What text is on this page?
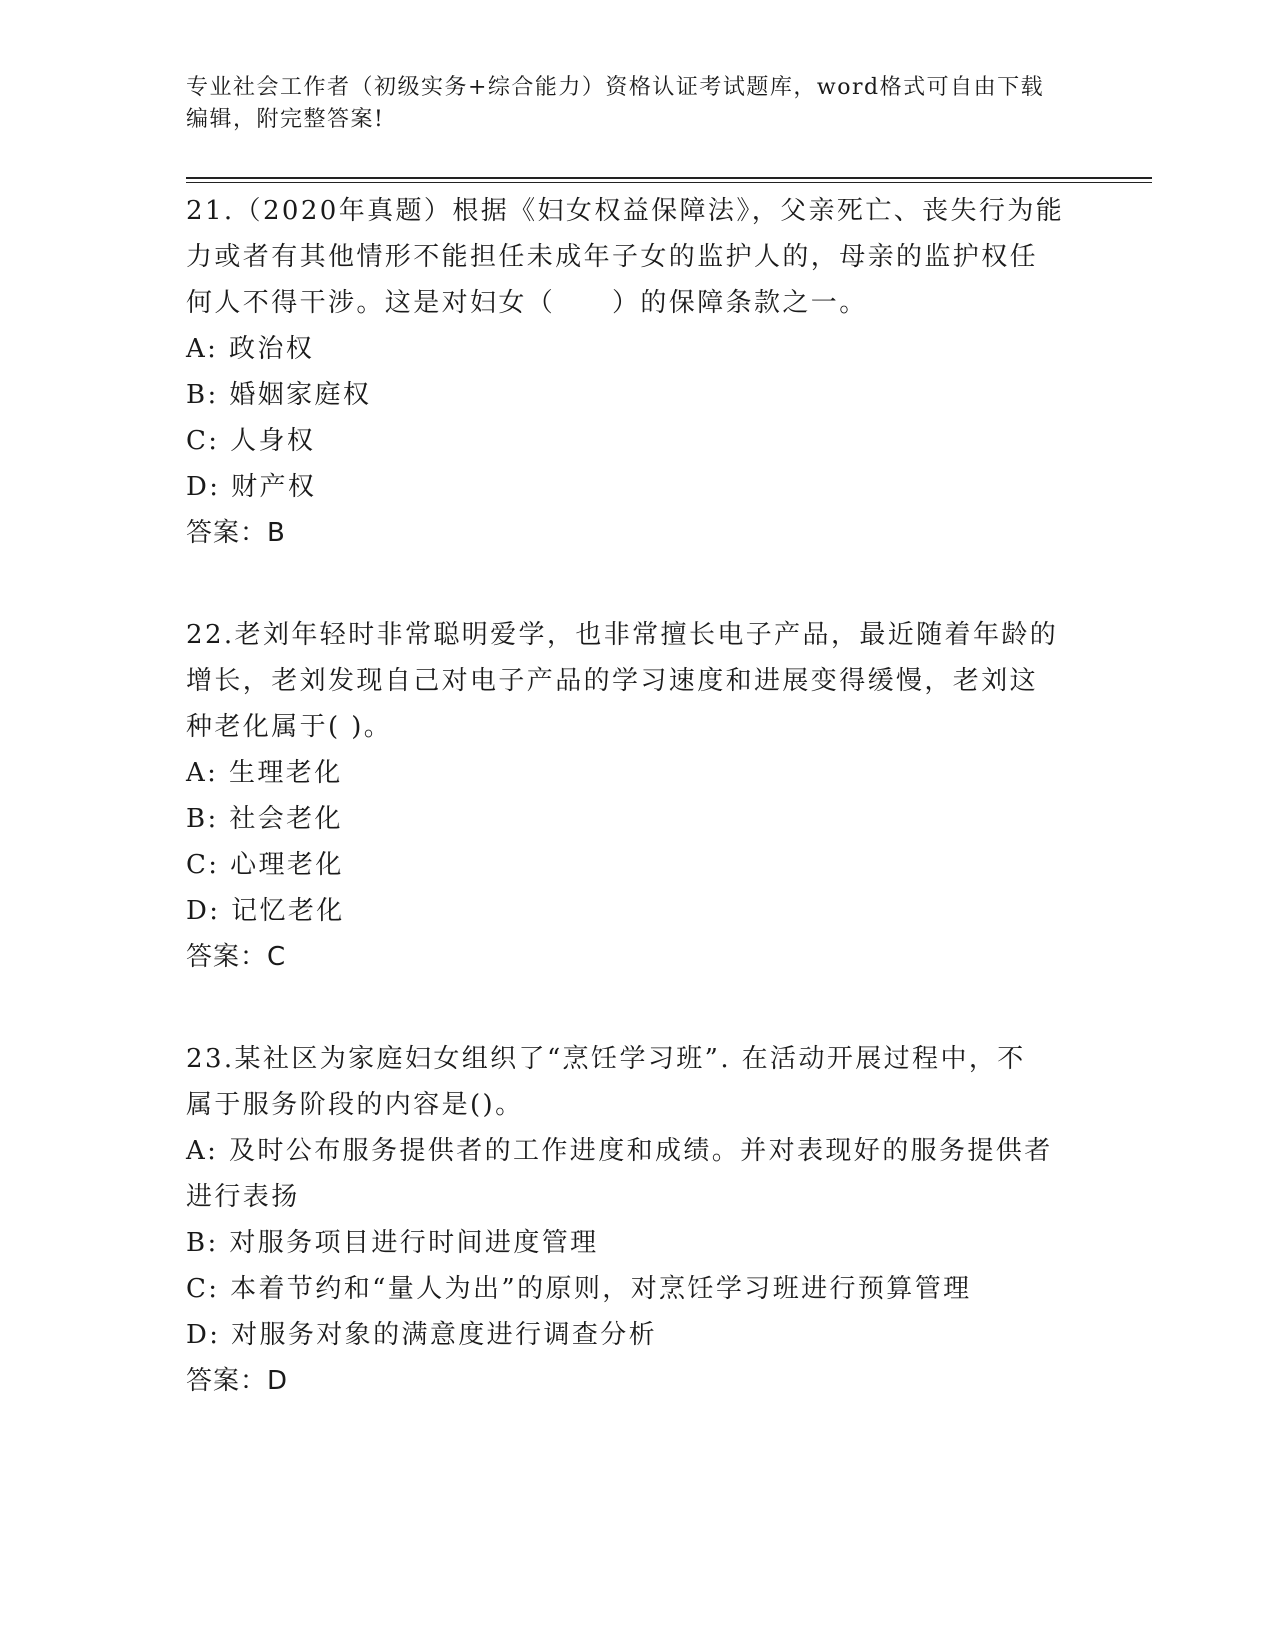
专业社会工作者（初级实务+综合能力）资格认证考试题库，word格式可自由下载
编辑，附完整答案!
21.（2020年真题）根据《妇女权益保障法》，父亲死亡、丧失行为能
力或者有其他情形不能担任未成年子女的监护人的，母亲的监护权任
何人不得干涉。这是对妇女（　　）的保障条款之一。
A: 政治权
B: 婚姻家庭权
C: 人身权
D: 财产权
答案：B
22.老刘年轻时非常聪明爱学，也非常擅长电子产品，最近随着年龄的
增长，老刘发现自己对电子产品的学习速度和进展变得缓慢，老刘这
种老化属于( )。
A: 生理老化
B: 社会老化
C: 心理老化
D: 记忆老化
答案：C
23.某社区为家庭妇女组织了“烹饪学习班”. 在活动开展过程中，不
属于服务阶段的内容是()。
A: 及时公布服务提供者的工作进度和成绩。并对表现好的服务提供者
进行表扬
B: 对服务项目进行时间进度管理
C: 本着节约和“量人为出”的原则，对烹饪学习班进行预算管理
D: 对服务对象的满意度进行调查分析
答案：D
